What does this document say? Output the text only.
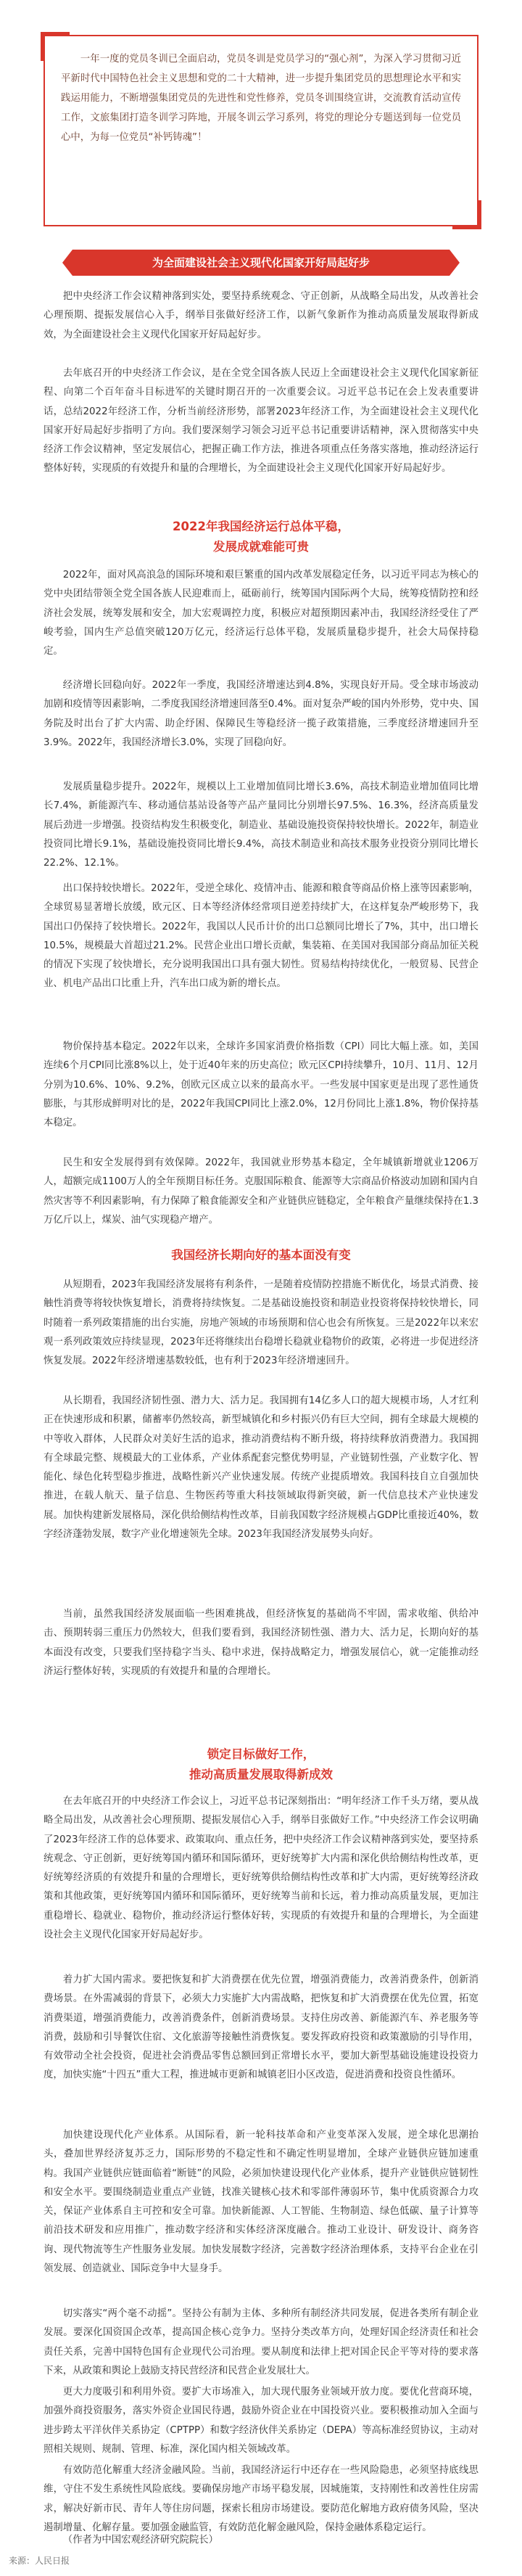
一年一度的党员冬训已全面启动，党员冬训是党员学习的“强心剂”，为深入学习贯彻习近平新时代中国特色社会主义思想和党的二十大精神，进一步提升集团党员的思想理论水平和实践运用能力，不断增强集团党员的先进性和党性修养，党员冬训围绕宣讲，交流教育活动宣传工作，文旅集团打造冬训学习阵地，开展冬训云学习系列，将党的理论分专题送到每一位党员心中，为每一位党员“补钙铸魂”！
为全面建设社会主义现代化国家开好局起好步
把中央经济工作会议精神落到实处，要坚持系统观念、守正创新，从战略全局出发，从改善社会心理预期、提振发展信心入手，纲举目张做好经济工作，以新气象新作为推动高质量发展取得新成效，为全面建设社会主义现代化国家开好局起好步。
去年底召开的中央经济工作会议，是在全党全国各族人民迈上全面建设社会主义现代化国家新征程、向第二个百年奋斗目标进军的关键时期召开的一次重要会议。习近平总书记在会上发表重要讲话，总结2022年经济工作，分析当前经济形势，部署2023年经济工作，为全面建设社会主义现代化国家开好局起好步指明了方向。我们要深刻学习领会习近平总书记重要讲话精神，深入贯彻落实中央经济工作会议精神，坚定发展信心，把握正确工作方法，推进各项重点任务落实落地，推动经济运行整体好转，实现质的有效提升和量的合理增长，为全面建设社会主义现代化国家开好局起好步。
2022年我国经济运行总体平稳，
发展成就难能可贵
2022年，面对风高浪急的国际环境和艰巨繁重的国内改革发展稳定任务，以习近平同志为核心的党中央团结带领全党全国各族人民迎难而上，砥砺前行，统筹国内国际两个大局，统筹疫情防控和经济社会发展，统筹发展和安全，加大宏观调控力度，积极应对超预期因素冲击，我国经济经受住了严峻考验，国内生产总值突破120万亿元，经济运行总体平稳，发展质量稳步提升，社会大局保持稳定。
经济增长回稳向好。2022年一季度，我国经济增速达到4.8%，实现良好开局。受全球市场波动加剧和疫情等因素影响，二季度我国经济增速回落至0.4%。面对复杂严峻的国内外形势，党中央、国务院及时出台了扩大内需、助企纾困、保障民生等稳经济一揽子政策措施，三季度经济增速回升至3.9%。2022年，我国经济增长3.0%，实现了回稳向好。
发展质量稳步提升。2022年，规模以上工业增加值同比增长3.6%，高技术制造业增加值同比增长7.4%，新能源汽车、移动通信基站设备等产品产量同比分别增长97.5%、16.3%，经济高质量发展后劲进一步增强。投资结构发生积极变化，制造业、基础设施投资保持较快增长。2022年，制造业投资同比增长9.1%，基础设施投资同比增长9.4%，高技术制造业和高技术服务业投资分别同比增长22.2%、12.1%。
出口保持较快增长。2022年，受逆全球化、疫情冲击、能源和粮食等商品价格上涨等因素影响，全球贸易显著增长放缓，欧元区、日本等经济体经常项目逆差持续扩大，在这样复杂严峻形势下，我国出口仍保持了较快增长。2022年，我国以人民币计价的出口总额同比增长了7%，其中，出口增长10.5%，规模最大首超过21.2%。民营企业出口增长贡献，集装箱、在美国对我国部分商品加征关税的情况下实现了较快增长，充分说明我国出口具有强大韧性。贸易结构持续优化，一般贸易、民营企业、机电产品出口比重上升，汽车出口成为新的增长点。
物价保持基本稳定。2022年以来，全球许多国家消费价格指数（CPI）同比大幅上涨。如，美国连续6个月CPI同比涨8%以上，处于近40年来的历史高位；欧元区CPI持续攀升，10月、11月、12月分别为10.6%、10%、9.2%，创欧元区成立以来的最高水平。一些发展中国家更是出现了恶性通货膨胀，与其形成鲜明对比的是，2022年我国CPI同比上涨2.0%，12月份同比上涨1.8%，物价保持基本稳定。
民生和安全发展得到有效保障。2022年，我国就业形势基本稳定，全年城镇新增就业1206万人，超额完成1100万人的全年预期目标任务。克服国际粮食、能源等大宗商品价格波动加剧和国内自然灾害等不利因素影响，有力保障了粮食能源安全和产业链供应链稳定，全年粮食产量继续保持在1.3万亿斤以上，煤炭、油气实现稳产增产。
我国经济长期向好的基本面没有变
从短期看，2023年我国经济发展将有利条件，一是随着疫情防控措施不断优化，场景式消费、接触性消费等将较快恢复增长，消费将持续恢复。二是基础设施投资和制造业投资将保持较快增长，同时随着一系列政策措施的出台实施，房地产领域的市场预期和信心也会有所恢复。三是2022年以来宏观一系列政策效应持续显现，2023年还将继续出台稳增长稳就业稳物价的政策，必将进一步促进经济恢复发展。2022年经济增速基数较低，也有利于2023年经济增速回升。
从长期看，我国经济韧性强、潜力大、活力足。我国拥有14亿多人口的超大规模市场，人才红利正在快速形成和积累，储蓄率仍然较高，新型城镇化和乡村振兴仍有巨大空间，拥有全球最大规模的中等收入群体，人民群众对美好生活的追求，推动消费结构不断升级，将持续释放消费潜力。我国拥有全球最完整、规模最大的工业体系，产业体系配套完整优势明显，产业链韧性强，产业数字化、智能化、绿色化转型稳步推进，战略性新兴产业快速发展。传统产业提质增效。我国科技自立自强加快推进，在载人航天、量子信息、生物医药等重大科技领域取得新突破，新一代信息技术产业快速发展。加快构建新发展格局，深化供给侧结构性改革，目前我国数字经济规模占GDP比重接近40%，数字经济蓬勃发展，数字产业化增速领先全球。2023年我国经济发展势头向好。
当前，虽然我国经济发展面临一些困难挑战，但经济恢复的基础尚不牢固，需求收缩、供给冲击、预期转弱三重压力仍然较大，但我们要看到，我国经济韧性强、潜力大、活力足，长期向好的基本面没有改变，只要我们坚持稳字当头、稳中求进，保持战略定力，增强发展信心，就一定能推动经济运行整体好转，实现质的有效提升和量的合理增长。
锁定目标做好工作，
推动高质量发展取得新成效
在去年底召开的中央经济工作会议上，习近平总书记深刻指出：“明年经济工作千头万绪，要从战略全局出发，从改善社会心理预期、提振发展信心入手，纲举目张做好工作。”中央经济工作会议明确了2023年经济工作的总体要求、政策取向、重点任务，把中央经济工作会议精神落到实处，要坚持系统观念、守正创新，更好统筹国内循环和国际循环，更好统筹扩大内需和深化供给侧结构性改革，更好统筹经济质的有效提升和量的合理增长，更好统筹供给侧结构性改革和扩大内需，更好统筹经济政策和其他政策，更好统筹国内循环和国际循环，更好统筹当前和长远，着力推动高质量发展，更加注重稳增长、稳就业、稳物价，推动经济运行整体好转，实现质的有效提升和量的合理增长，为全面建设社会主义现代化国家开好局起好步。
着力扩大国内需求。要把恢复和扩大消费摆在优先位置，增强消费能力，改善消费条件，创新消费场景。在外需减弱的背景下，必须大力实施扩大内需战略，把恢复和扩大消费摆在优先位置，拓宽消费渠道，增强消费能力，改善消费条件，创新消费场景。支持住房改善、新能源汽车、养老服务等消费，鼓励和引导餐饮住宿、文化旅游等接触性消费恢复。要发挥政府投资和政策激励的引导作用，有效带动全社会投资，促进社会消费品零售总额回到正常增长水平，要加大新型基础设施建设投资力度，加快实施“十四五”重大工程，推进城市更新和城镇老旧小区改造，促进消费和投资良性循环。
加快建设现代化产业体系。从国际看，新一轮科技革命和产业变革深入发展，逆全球化思潮抬头，叠加世界经济复苏乏力，国际形势的不稳定性和不确定性明显增加，全球产业链供应链加速重构。我国产业链供应链面临着“断链”的风险，必须加快建设现代化产业体系，提升产业链供应链韧性和安全水平。要围绕制造业重点产业链，找准关键核心技术和零部件薄弱环节，集中优质资源合力攻关，保证产业体系自主可控和安全可靠。加快新能源、人工智能、生物制造、绿色低碳、量子计算等前沿技术研发和应用推广，推动数字经济和实体经济深度融合。推动工业设计、研发设计、商务咨询、现代物流等生产性服务业发展。加快发展数字经济，完善数字经济治理体系，支持平台企业在引领发展、创造就业、国际竞争中大显身手。
切实落实“两个毫不动摇”。坚持公有制为主体、多种所有制经济共同发展，促进各类所有制企业发展。要深化国资国企改革，提高国企核心竞争力。坚持分类改革方向，处理好国企经济责任和社会责任关系，完善中国特色国有企业现代公司治理。要从制度和法律上把对国企民企平等对待的要求落下来，从政策和舆论上鼓励支持民营经济和民营企业发展壮大。
更大力度吸引和利用外资。要扩大市场准入，加大现代服务业领域开放力度。要优化营商环境，加强外商投资服务，落实外资企业国民待遇，鼓励外资企业在中国投资兴业。要积极推动加入全面与进步跨太平洋伙伴关系协定（CPTPP）和数字经济伙伴关系协定（DEPA）等高标准经贸协议，主动对照相关规则、规制、管理、标准，深化国内相关领域改革。
有效防范化解重大经济金融风险。当前，我国经济运行中还存在一些风险隐患，必须坚持底线思维，守住不发生系统性风险底线。要确保房地产市场平稳发展，因城施策，支持刚性和改善性住房需求，解决好新市民、青年人等住房问题，探索长租房市场建设。要防范化解地方政府债务风险，坚决遏制增量、化解存量。要加强金融监管，有效防范化解金融风险，保持金融体系稳定运行。
（作者为中国宏观经济研究院院长）
来源：人民日报
